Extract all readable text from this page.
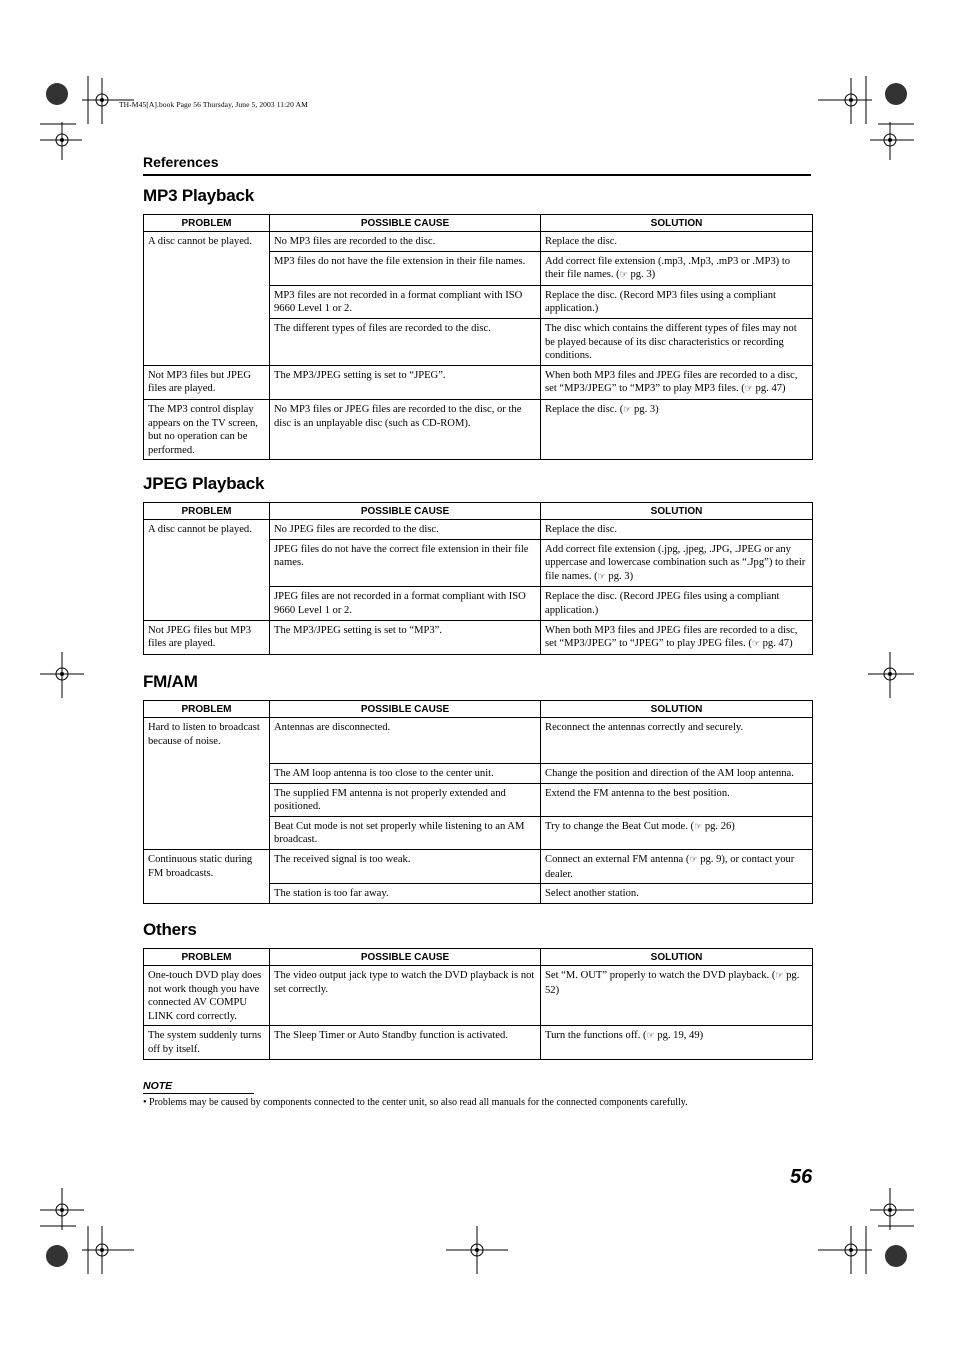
TH-M45[A].book Page 56 Thursday, June 5, 2003 11:20 AM
References
MP3 Playback
PROBLEM	POSSIBLE CAUSE	SOLUTION
A disc cannot be played.	No MP3 files are recorded to the disc.	Replace the disc.
	MP3 files do not have the file extension in their file names.	Add correct file extension (.mp3, .Mp3, .mP3 or .MP3) to their file names. (☞ pg. 3)
	MP3 files are not recorded in a format compliant with ISO 9660 Level 1 or 2.	Replace the disc. (Record MP3 files using a compliant application.)
	The different types of files are recorded to the disc.	The disc which contains the different types of files may not be played because of its disc characteristics or recording conditions.
Not MP3 files but JPEG files are played.	The MP3/JPEG setting is set to “JPEG”.	When both MP3 files and JPEG files are recorded to a disc, set “MP3/JPEG” to “MP3” to play MP3 files. (☞ pg. 47)
The MP3 control display appears on the TV screen, but no operation can be performed.	No MP3 files or JPEG files are recorded to the disc, or the disc is an unplayable disc (such as CD-ROM).	Replace the disc. (☞ pg. 3)
JPEG Playback
PROBLEM	POSSIBLE CAUSE	SOLUTION
A disc cannot be played.	No JPEG files are recorded to the disc.	Replace the disc.
	JPEG files do not have the correct file extension in their file names.	Add correct file extension (.jpg, .jpeg, .JPG, .JPEG or any uppercase and lowercase combination such as “.Jpg”) to their file names. (☞ pg. 3)
	JPEG files are not recorded in a format compliant with ISO 9660 Level 1 or 2.	Replace the disc. (Record JPEG files using a compliant application.)
Not JPEG files but MP3 files are played.	The MP3/JPEG setting is set to “MP3”.	When both MP3 files and JPEG files are recorded to a disc, set “MP3/JPEG” to “JPEG” to play JPEG files. (☞ pg. 47)
FM/AM
PROBLEM	POSSIBLE CAUSE	SOLUTION
Hard to listen to broadcast because of noise.	Antennas are disconnected.	Reconnect the antennas correctly and securely.
	The AM loop antenna is too close to the center unit.	Change the position and direction of the AM loop antenna.
	The supplied FM antenna is not properly extended and positioned.	Extend the FM antenna to the best position.
	Beat Cut mode is not set properly while listening to an AM broadcast.	Try to change the Beat Cut mode. (☞ pg. 26)
Continuous static during FM broadcasts.	The received signal is too weak.	Connect an external FM antenna (☞ pg. 9), or contact your dealer.
	The station is too far away.	Select another station.
Others
PROBLEM	POSSIBLE CAUSE	SOLUTION
One-touch DVD play does not work though you have connected AV COMPU LINK cord correctly.	The video output jack type to watch the DVD playback is not set correctly.	Set “M. OUT” properly to watch the DVD playback. (☞ pg. 52)
The system suddenly turns off by itself.	The Sleep Timer or Auto Standby function is activated.	Turn the functions off. (☞ pg. 19, 49)
NOTE
• Problems may be caused by components connected to the center unit, so also read all manuals for the connected components carefully.
56
